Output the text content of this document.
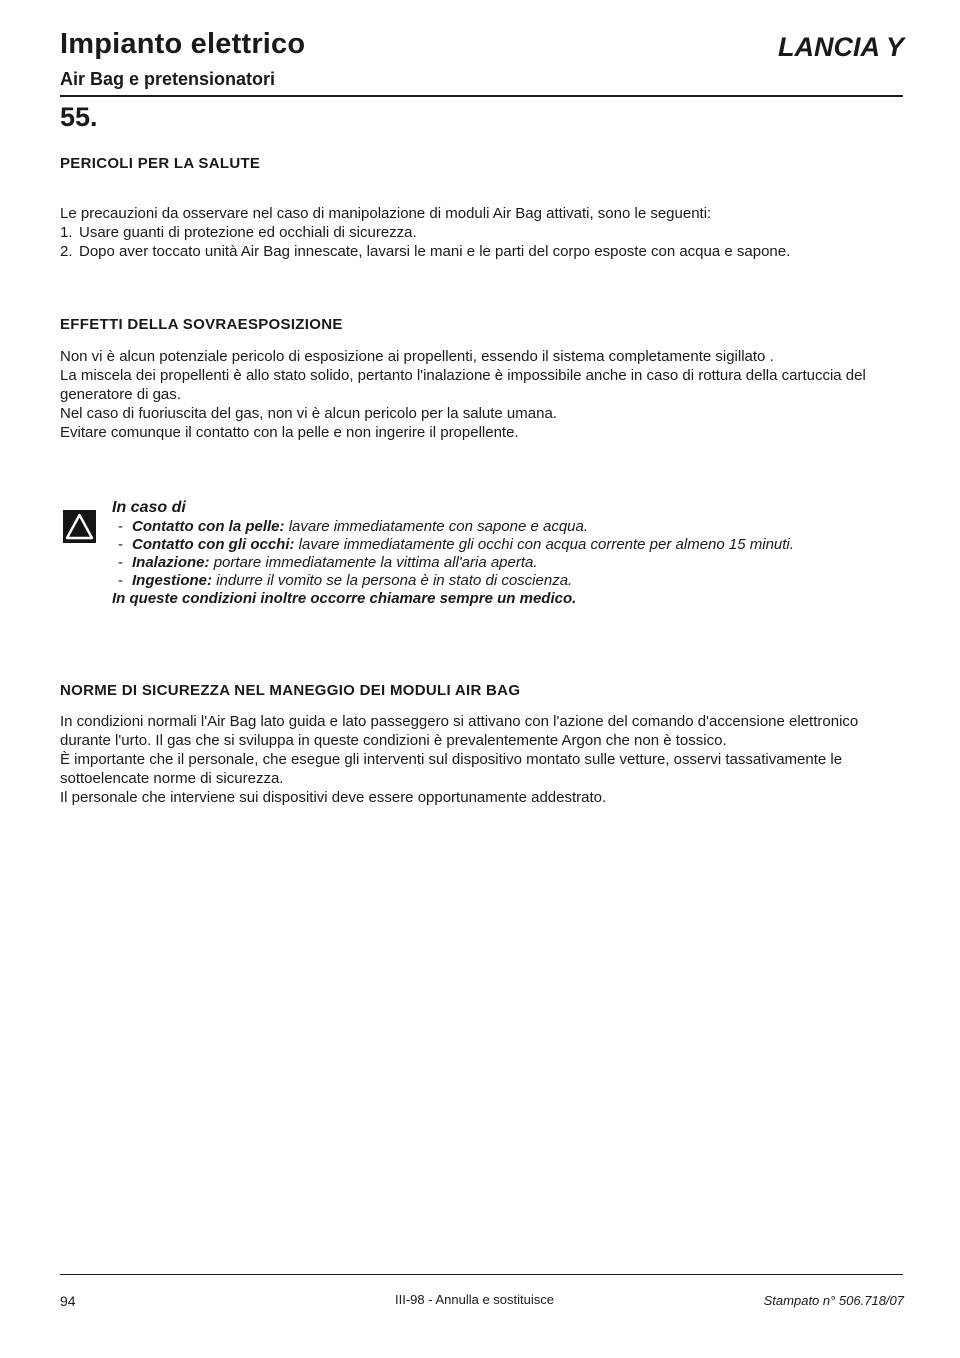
Impianto elettrico	LANCIA Y
Air Bag e pretensionatori
55.
PERICOLI PER LA SALUTE

Le precauzioni da osservare nel caso di manipolazione di moduli Air Bag attivati, sono le seguenti:

1. Usare guanti di protezione ed occhiali di sicurezza.
2. Dopo aver toccato unità Air Bag innescate, lavarsi le mani e le parti del corpo esposte con acqua e sapone.
EFFETTI DELLA SOVRAESPOSIZIONE

Non vi è alcun potenziale pericolo di esposizione ai propellenti, essendo il sistema completamente sigillato .

La miscela dei propellenti è allo stato solido, pertanto l'inalazione è impossibile anche in caso di rottura della cartuccia del generatore di gas.

Nel caso di fuoriuscita del gas, non vi è alcun pericolo per la salute umana.

Evitare comunque il contatto con la pelle e non ingerire il propellente.

In caso di
- Contatto con la pelle: lavare immediatamente con sapone e acqua.
- Contatto con gli occhi: lavare immediatamente gli occhi con acqua corrente per almeno 15 minuti.
- Inalazione: portare immediatamente la vittima all'aria aperta.
- Ingestione: indurre il vomito se la persona è in stato di coscienza.
In queste condizioni inoltre occorre chiamare sempre un medico.
NORME DI SICUREZZA NEL MANEGGIO DEI MODULI AIR BAG

In condizioni normali l'Air Bag lato guida e lato passeggero si attivano con l'azione del comando d'accensione elettronico durante l'urto. Il gas che si sviluppa in queste condizioni è prevalentemente Argon che non è tossico.

È importante che il personale, che esegue gli interventi sul dispositivo montato sulle vetture, osservi tassativamente le sottoelencate norme di sicurezza.

Il personale che interviene sui dispositivi deve essere opportunamente addestrato.

94	III-98 - Annulla e sostituisce	Stampato n° 506.718/07
